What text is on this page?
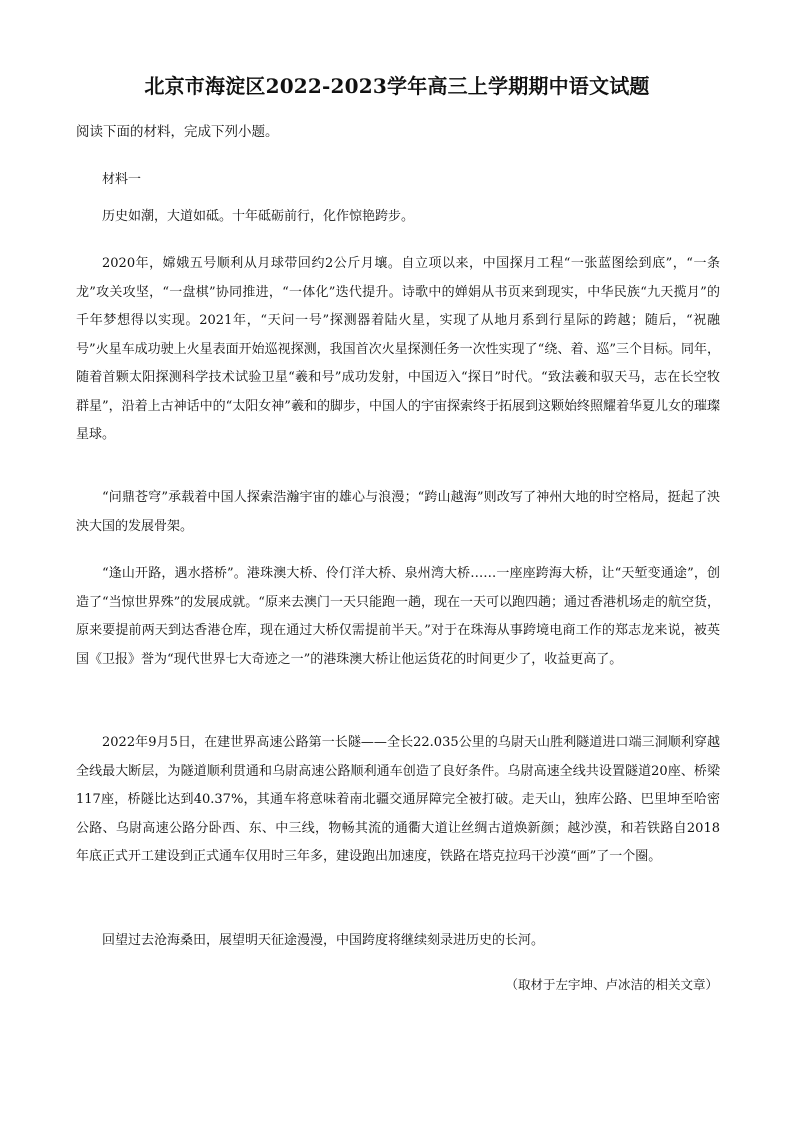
北京市海淀区2022-2023学年高三上学期期中语文试题
阅读下面的材料，完成下列小题。
材料一

历史如潮，大道如砥。十年砥砺前行，化作惊艳跨步。

2020年，嫦娥五号顺利从月球带回约2公斤月壤。自立项以来，中国探月工程“一张蓝图绘到底”，“一条龙”攻关攻坚，“一盘棋”协同推进，“一体化”迭代提升。诗歌中的婵娟从书页来到现实，中华民族“九天揽月”的千年梦想得以实现。2021年，“天问一号”探测器着陆火星，实现了从地月系到行星际的跨越；随后，“祝融号”火星车成功驶上火星表面开始巡视探测，我国首次火星探测任务一次性实现了“绕、着、巡”三个目标。同年，随着首颗太阳探测科学技术试验卫星“羲和号”成功发射，中国迈入“探日”时代。“致法羲和驭天马，志在长空牧群星”，沿着上古神话中的“太阳女神”羲和的脚步，中国人的宇宙探索终于拓展到这颗始终照耀着华夏儿女的璀璨星球。

“问鼎苍穹”承载着中国人探索浩瀚宇宙的雄心与浪漫；“跨山越海”则改写了神州大地的时空格局，挺起了泱泱大国的发展骨架。

“逢山开路，遇水搭桥”。港珠澳大桥、伶仃洋大桥、泉州湾大桥……一座座跨海大桥，让“天堑变通途”，创造了“当惊世界殊”的发展成就。“原来去澳门一天只能跑一趟，现在一天可以跑四趟；通过香港机场走的航空货，原来要提前两天到达香港仓库，现在通过大桥仅需提前半天。”对于在珠海从事跨境电商工作的郑志龙来说，被英国《卫报》誉为“现代世界七大奇迹之一”的港珠澳大桥让他运货花的时间更少了，收益更高了。

2022年9月5日，在建世界高速公路第一长隧——全长22.035公里的乌尉天山胜利隧道进口端三洞顺利穿越全线最大断层，为隧道顺利贯通和乌尉高速公路顺利通车创造了良好条件。乌尉高速全线共设置隧道20座、桥梁117座，桥隧比达到40.37%，其通车将意味着南北疆交通屏障完全被打破。走天山，独库公路、巴里坤至哈密公路、乌尉高速公路分卧西、东、中三线，物畅其流的通衢大道让丝绸古道焕新颜；越沙漠，和若铁路自2018年底正式开工建设到正式通车仅用时三年多，建设跑出加速度，铁路在塔克拉玛干沙漠“画”了一个圈。

回望过去沧海桑田，展望明天征途漫漫，中国跨度将继续刻录进历史的长河。

（取材于左宇坤、卢冰洁的相关文章）
